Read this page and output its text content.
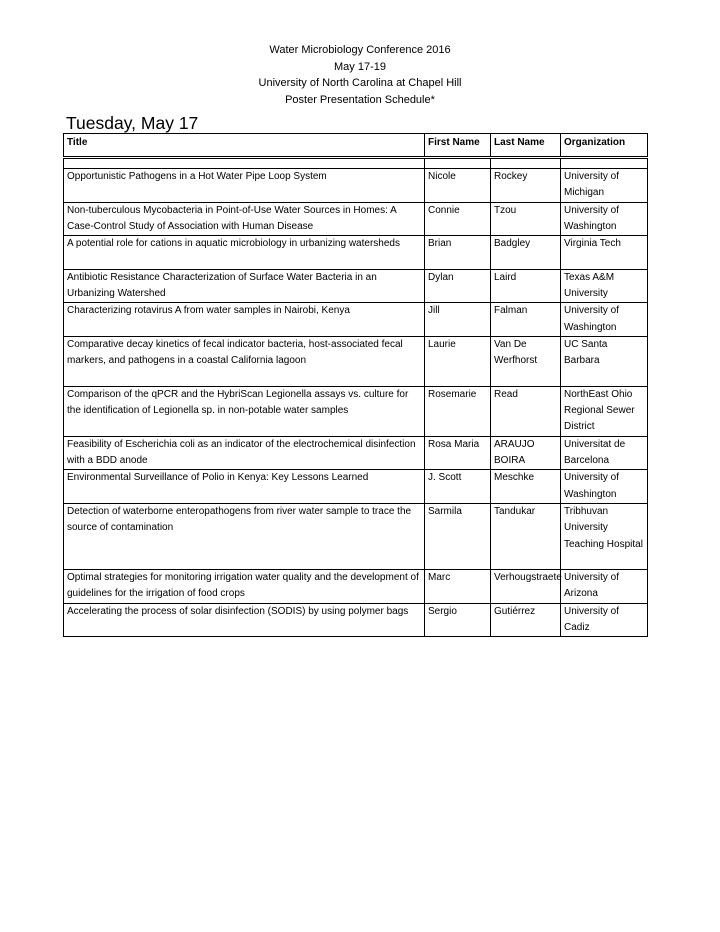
Water Microbiology Conference 2016
May 17-19
University of North Carolina at Chapel Hill
Poster Presentation Schedule*
Tuesday, May 17
Title	First Name	Last Name	Organization

Opportunistic Pathogens in a Hot Water Pipe Loop System	Nicole	Rockey	University of Michigan
Non-tuberculous Mycobacteria in Point-of-Use Water Sources in Homes: A Case-Control Study of Association with Human Disease	Connie	Tzou	University of Washington
A potential role for cations in aquatic microbiology in urbanizing watersheds	Brian	Badgley	Virginia Tech
Antibiotic Resistance Characterization of Surface Water Bacteria in an Urbanizing Watershed	Dylan	Laird	Texas A&M University
Characterizing rotavirus A from water samples in Nairobi, Kenya	Jill	Falman	University of Washington
Comparative decay kinetics of fecal indicator bacteria, host-associated fecal markers, and pathogens in a coastal California lagoon	Laurie	Van De Werfhorst	UC Santa Barbara
Comparison of the qPCR and the HybriScan Legionella assays vs. culture for the identification of Legionella sp. in non-potable water samples	Rosemarie	Read	NorthEast Ohio Regional Sewer District
Feasibility of Escherichia coli as an indicator of the electrochemical disinfection with a BDD anode	Rosa Maria	ARAUJO BOIRA	Universitat de Barcelona
Environmental Surveillance of Polio in Kenya: Key Lessons Learned	J. Scott	Meschke	University of Washington
Detection of waterborne enteropathogens from river water sample to trace the source of contamination	Sarmila	Tandukar	Tribhuvan University Teaching Hospital
Optimal strategies for monitoring irrigation water quality and the development of guidelines for the irrigation of food crops	Marc	Verhougstraete	University of Arizona
Accelerating the process of solar disinfection (SODIS) by using polymer bags	Sergio	Gutiérrez	University of Cadiz
